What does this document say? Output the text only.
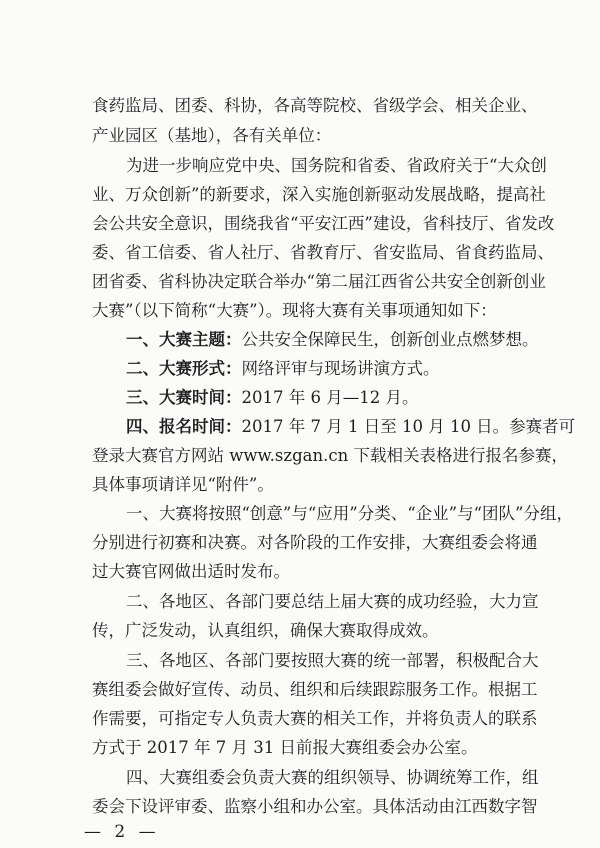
食药监局、团委、科协，各高等院校、省级学会、相关企业、
产业园区（基地），各有关单位：
为进一步响应党中央、国务院和省委、省政府关于“大众创
业、万众创新”的新要求，深入实施创新驱动发展战略，提高社
会公共安全意识，围绕我省“平安江西”建设，省科技厅、省发改
委、省工信委、省人社厅、省教育厅、省安监局、省食药监局、
团省委、省科协决定联合举办“第二届江西省公共安全创新创业
大赛”（以下简称“大赛”）。现将大赛有关事项通知如下：
一、大赛主题：公共安全保障民生，创新创业点燃梦想。
二、大赛形式：网络评审与现场讲演方式。
三、大赛时间：2017 年 6 月—12 月。
四、报名时间：2017 年 7 月 1 日至 10 月 10 日。参赛者可
登录大赛官方网站 www.szgan.cn 下载相关表格进行报名参赛，
具体事项请详见“附件”。
一、大赛将按照“创意”与“应用”分类、“企业”与“团队”分组，
分别进行初赛和决赛。对各阶段的工作安排，大赛组委会将通
过大赛官网做出适时发布。
二、各地区、各部门要总结上届大赛的成功经验，大力宣
传，广泛发动，认真组织，确保大赛取得成效。
三、各地区、各部门要按照大赛的统一部署，积极配合大
赛组委会做好宣传、动员、组织和后续跟踪服务工作。根据工
作需要，可指定专人负责大赛的相关工作，并将负责人的联系
方式于 2017 年 7 月 31 日前报大赛组委会办公室。
四、大赛组委会负责大赛的组织领导、协调统筹工作，组
委会下设评审委、监察小组和办公室。具体活动由江西数字智
— 2 —
